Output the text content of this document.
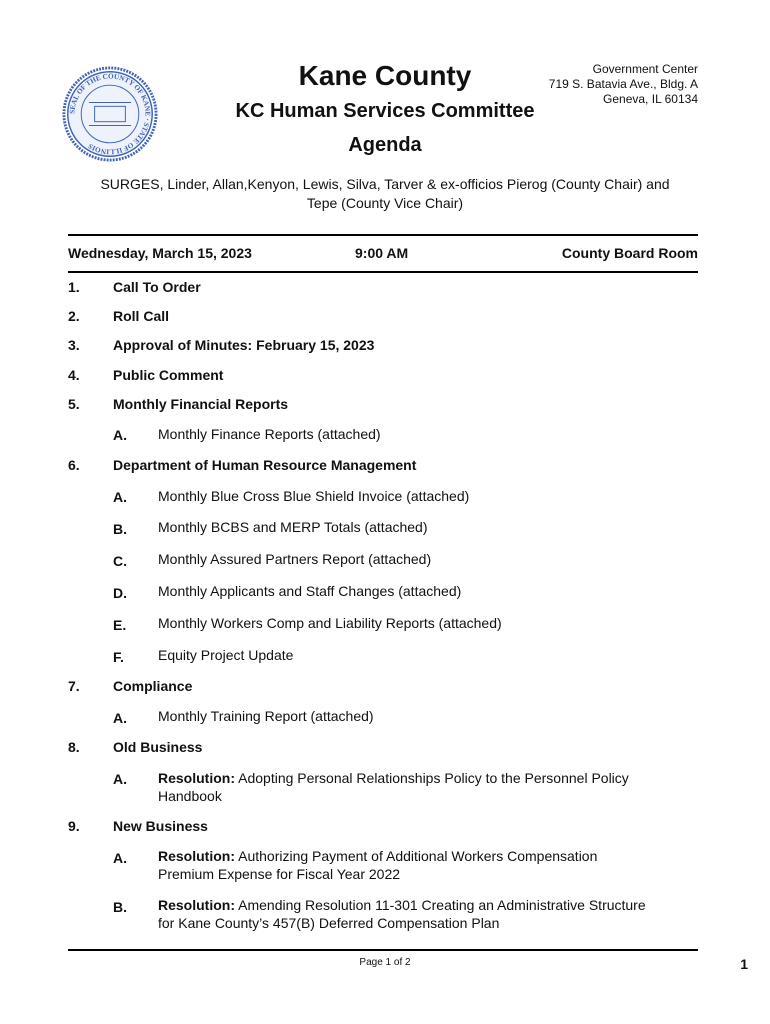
SEAL OF THE COUNTY OF KANE · STATE OF ILLINOIS
Kane County
KC Human Services Committee
Agenda
Government Center
719 S. Batavia Ave., Bldg. A
Geneva, IL 60134
SURGES, Linder, Allan,Kenyon, Lewis, Silva, Tarver & ex-officios Pierog (County Chair) and
Tepe (County Vice Chair)
Wednesday, March 15, 2023	9:00 AM	County Board Room
1. Call To Order
2. Roll Call
3. Approval of Minutes: February 15, 2023
4. Public Comment
5. Monthly Financial Reports
A. Monthly Finance Reports (attached)
6. Department of Human Resource Management
A. Monthly Blue Cross Blue Shield Invoice (attached)
B. Monthly BCBS and MERP Totals (attached)
C. Monthly Assured Partners Report (attached)
D. Monthly Applicants and Staff Changes (attached)
E. Monthly Workers Comp and Liability Reports (attached)
F. Equity Project Update
7. Compliance
A. Monthly Training Report (attached)
8. Old Business
A. Resolution: Adopting Personal Relationships Policy to the Personnel Policy
Handbook
9. New Business
A. Resolution: Authorizing Payment of Additional Workers Compensation
Premium Expense for Fiscal Year 2022
B. Resolution: Amending Resolution 11-301 Creating an Administrative Structure
for Kane County’s 457(B) Deferred Compensation Plan
Page 1 of 2	1
